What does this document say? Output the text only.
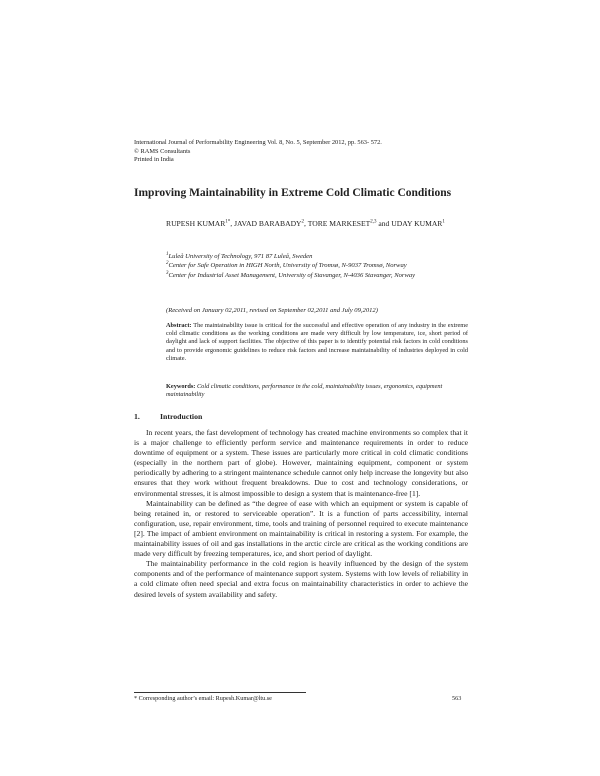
International Journal of Performability Engineering Vol. 8, No. 5, September 2012, pp. 563- 572.
© RAMS Consultants
Printed in India
Improving Maintainability in Extreme Cold Climatic Conditions
RUPESH $KUMAR^{1*}$, JAVAD BARABADY$^2$, TORE MARKESET$^{2,3}$ and UDAY KUMAR$^1$

$^1$Luleå University of Technology, 971 87 Luleå, Sweden

$^2$Center for Safe Operation in HIGH North, University of Tromsø, N-9037 Tromsø, Norway

$^3$Center for Industrial Asset Management, University of Stavanger, N-4036 Stavanger, Norway

(Received on January 02,2011, revised on September 02,2011 and July 09,2012)
Abstract: The maintainability issue is critical for the successful and effective operation of any industry in the extreme cold climatic conditions as the working conditions are made very difficult by low temperature, ice, short period of daylight and lack of support facilities. The objective of this paper is to identify potential risk factors in cold conditions and to provide ergonomic guidelines to reduce risk factors and increase maintainability of industries deployed in cold climate.
Keywords: Cold climatic conditions, performance in the cold, maintainability issues, ergonomics, equipment maintainability
1.	Introduction

In recent years, the fast development of technology has created machine environments so complex that it is a major challenge to efficiently perform service and maintenance requirements in order to reduce downtime of equipment or a system. These issues are particularly more critical in cold climatic conditions (especially in the northern part of globe). However, maintaining equipment, component or system periodically by adhering to a stringent maintenance schedule cannot only help increase the longevity but also ensures that they work without frequent breakdowns. Due to cost and technology considerations, or environmental stresses, it is almost impossible to design a system that is maintenance-free [1].

Maintainability can be defined as “the degree of ease with which an equipment or system is capable of being retained in, or restored to serviceable operation”. It is a function of parts accessibility, internal configuration, use, repair environment, time, tools and training of personnel required to execute maintenance [2]. The impact of ambient environment on maintainability is critical in restoring a system. For example, the maintainability issues of oil and gas installations in the arctic circle are critical as the working conditions are made very difficult by freezing temperatures, ice, and short period of daylight.

The maintainability performance in the cold region is heavily influenced by the design of the system components and of the performance of maintenance support system. Systems with low levels of reliability in a cold climate often need special and extra focus on maintainability characteristics in order to achieve the desired levels of system availability and safety.

* Corresponding author’s email: Rupesh.Kumar@ltu.se	563
